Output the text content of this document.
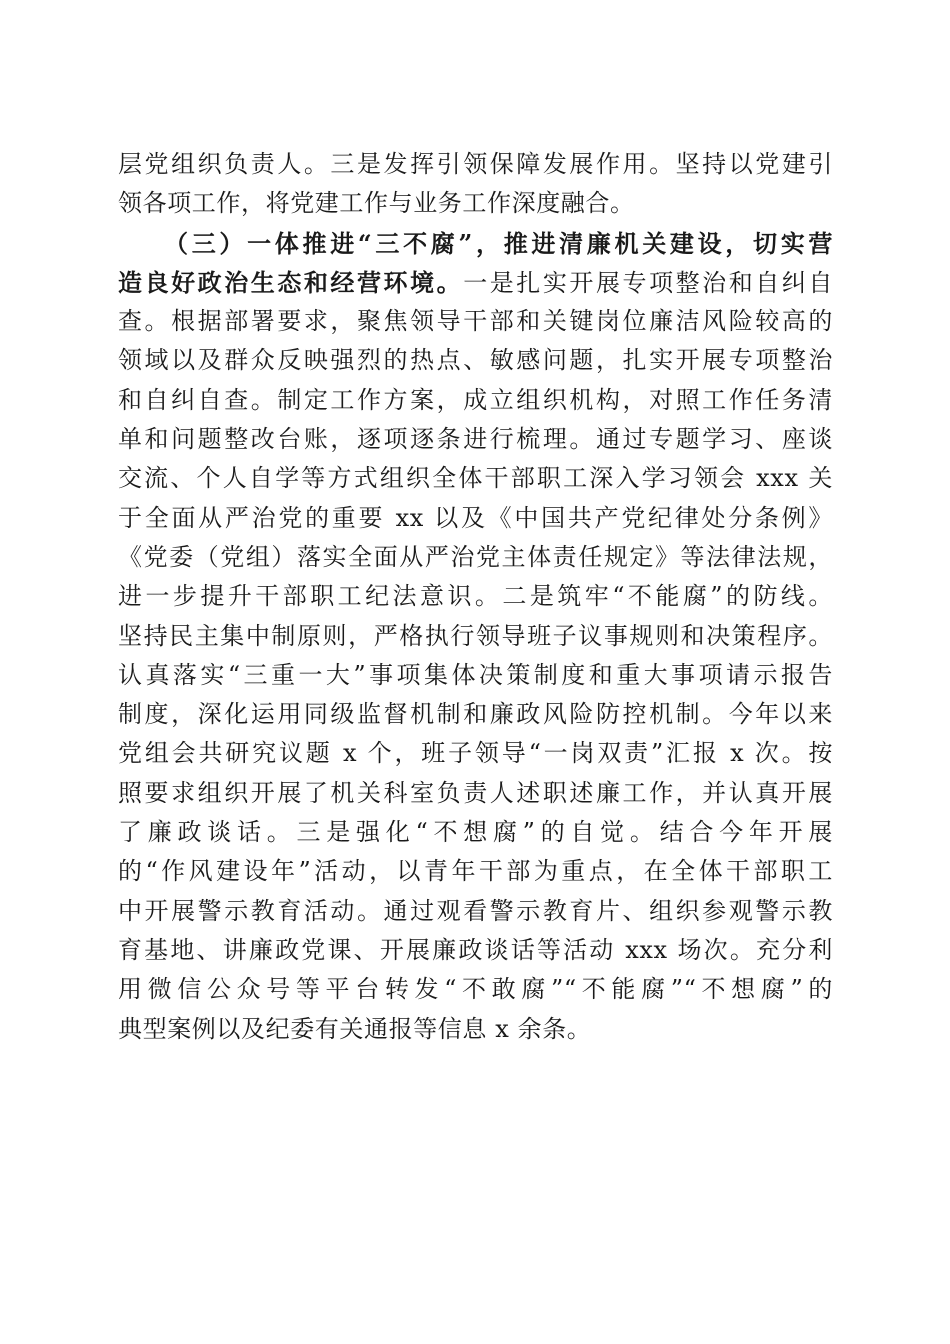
层党组织负责人。三是发挥引领保障发展作用。坚持以党建引
领各项工作，将党建工作与业务工作深度融合。
（三）一体推进“三不腐”，推进清廉机关建设，切实营
造良好政治生态和经营环境。一是扎实开展专项整治和自纠自
查。根据部署要求，聚焦领导干部和关键岗位廉洁风险较高的
领域以及群众反映强烈的热点、敏感问题，扎实开展专项整治
和自纠自查。制定工作方案，成立组织机构，对照工作任务清
单和问题整改台账，逐项逐条进行梳理。通过专题学习、座谈
交流、个人自学等方式组织全体干部职工深入学习领会 xxx 关
于全面从严治党的重要 xx 以及《中国共产党纪律处分条例》
《党委（党组）落实全面从严治党主体责任规定》等法律法规，
进一步提升干部职工纪法意识。二是筑牢“不能腐”的防线。
坚持民主集中制原则，严格执行领导班子议事规则和决策程序。
认真落实“三重一大”事项集体决策制度和重大事项请示报告
制度，深化运用同级监督机制和廉政风险防控机制。今年以来
党组会共研究议题 x 个，班子领导“一岗双责”汇报 x 次。按
照要求组织开展了机关科室负责人述职述廉工作，并认真开展
了廉政谈话。三是强化“不想腐”的自觉。结合今年开展
的“作风建设年”活动，以青年干部为重点，在全体干部职工
中开展警示教育活动。通过观看警示教育片、组织参观警示教
育基地、讲廉政党课、开展廉政谈话等活动 xxx 场次。充分利
用微信公众号等平台转发“不敢腐”“不能腐”“不想腐”的
典型案例以及纪委有关通报等信息 x 余条。
